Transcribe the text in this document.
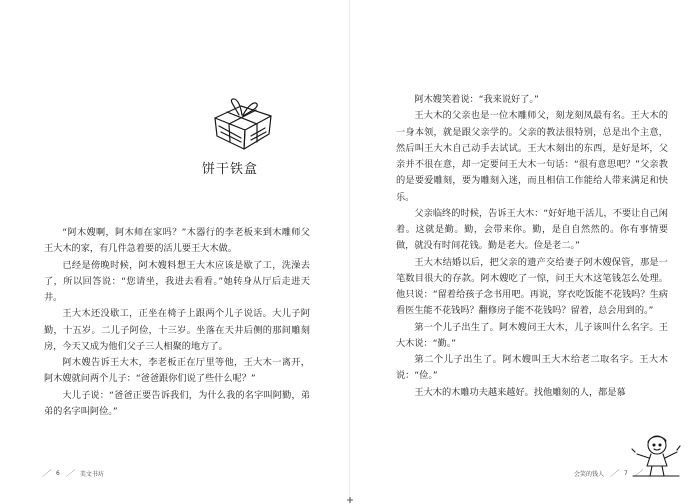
饼干铁盒

“阿木嫂啊，阿木师在家吗？”木器行的李老板来到木雕师父王大木的家，有几件急着要的活儿要王大木做。

已经是傍晚时候，阿木嫂料想王大木应该是歇了工，洗澡去了，所以回答说：“您请坐，我进去看看。”她转身从厅后走进天井。

王大木还没歇工，正坐在椅子上跟两个儿子说话。大儿子阿勤，十五岁。二儿子阿俭，十三岁。坐落在天井后侧的那间雕刻房，今天又成为他们父子三人相聚的地方了。

阿木嫂告诉王大木，李老板正在厅里等他，王大木一离开，阿木嫂就问两个儿子：“爸爸跟你们说了些什么呢？”

大儿子说：“爸爸正要告诉我们，为什么我的名字叫阿勤，弟弟的名字叫阿俭。”

／ 6 ／ 美文书坊

阿木嫂笑着说：“我来说好了。”

王大木的父亲也是一位木雕师父，刻龙刻凤最有名。王大木的一身本领，就是跟父亲学的。父亲的教法很特别，总是出个主意，然后叫王大木自己动手去试试。王大木刻出的东西，是好是坏，父亲并不很在意，却一定要问王大木一句话：“很有意思吧？”父亲教的是要爱雕刻，要为雕刻入迷，而且相信工作能给人带来满足和快乐。

父亲临终的时候，告诉王大木：“好好地干活儿，不要让自己闲着。这就是勤。勤，会带来你。勤，是自自然然的。你有事情要做，就没有时间花钱。勤是老大。俭是老二。”

王大木结婚以后，把父亲的遗产交给妻子阿木嫂保管，那是一笔数目很大的存款。阿木嫂吃了一惊，问王大木这笔钱怎么处理。他只说：“留着给孩子念书用吧。再说，穿衣吃饭能不花钱吗？生病看医生能不花钱吗？翻修房子能不花钱吗？留着，总会用到的。”

第一个儿子出生了。阿木嫂问王大木，儿子该叫什么名字。王大木说：“勤。”

第二个儿子出生了。阿木嫂叫王大木给老二取名字。王大木说：“俭。”

王大木的木雕功夫越来越好。找他雕刻的人，都是慕

会笑的钱人 ／ 7 ／
